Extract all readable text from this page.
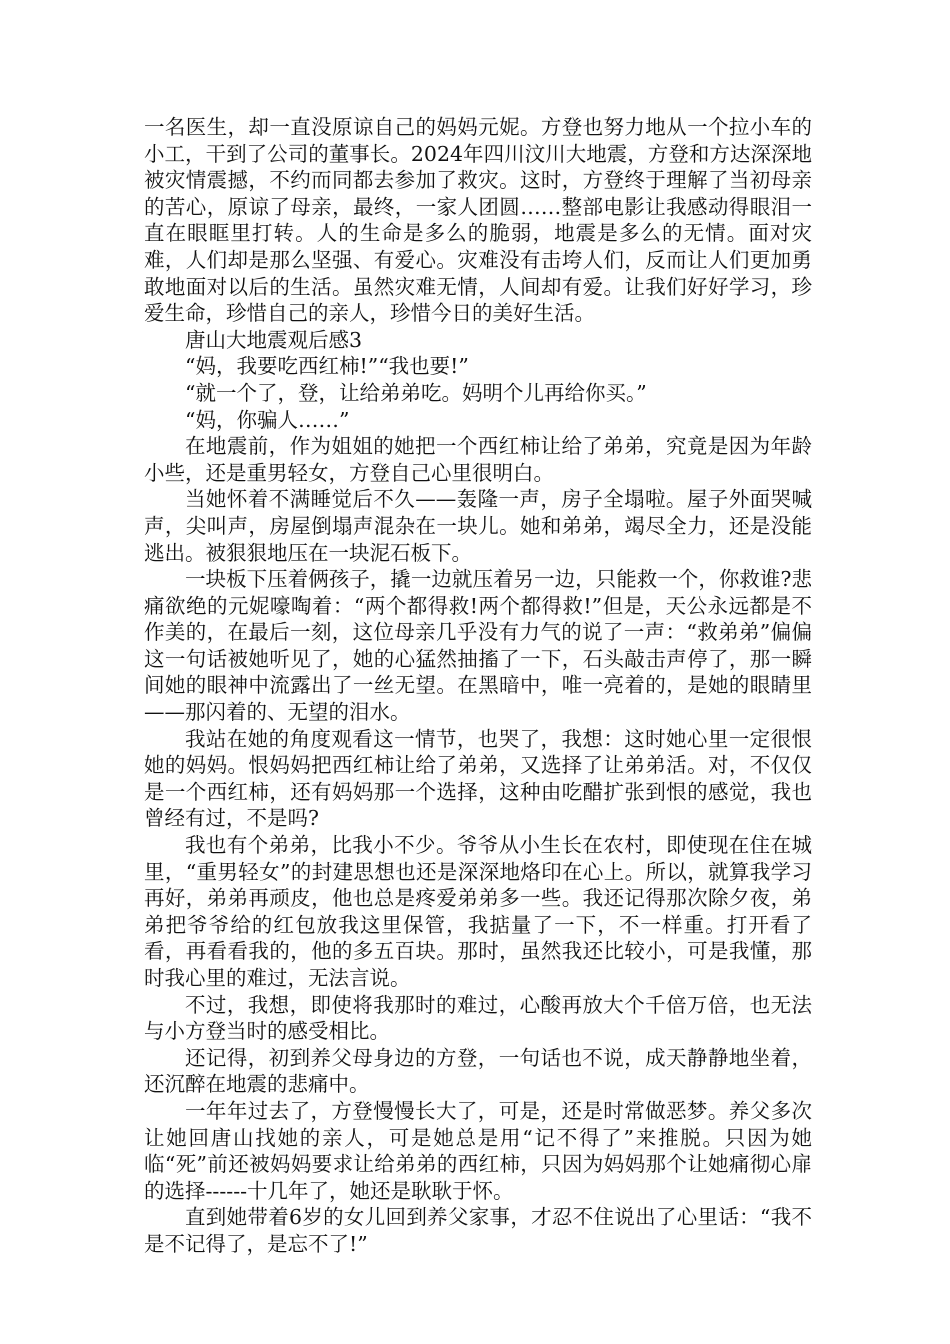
一名医生，却一直没原谅自己的妈妈元妮。方登也努力地从一个拉小车的小工，干到了公司的董事长。2024年四川汶川大地震，方登和方达深深地被灾情震撼，不约而同都去参加了救灾。这时，方登终于理解了当初母亲的苦心，原谅了母亲，最终，一家人团圆……整部电影让我感动得眼泪一直在眼眶里打转。人的生命是多么的脆弱，地震是多么的无情。面对灾难，人们却是那么坚强、有爱心。灾难没有击垮人们，反而让人们更加勇敢地面对以后的生活。虽然灾难无情，人间却有爱。让我们好好学习，珍爱生命，珍惜自己的亲人，珍惜今日的美好生活。

唐山大地震观后感3

“妈，我要吃西红柿!”“我也要!”

“就一个了，登，让给弟弟吃。妈明个儿再给你买。”

“妈，你骗人……”

在地震前，作为姐姐的她把一个西红柿让给了弟弟，究竟是因为年龄小些，还是重男轻女，方登自己心里很明白。

当她怀着不满睡觉后不久——轰隆一声，房子全塌啦。屋子外面哭喊声，尖叫声，房屋倒塌声混杂在一块儿。她和弟弟，竭尽全力，还是没能逃出。被狠狠地压在一块泥石板下。

一块板下压着俩孩子，撬一边就压着另一边，只能救一个，你救谁?悲痛欲绝的元妮嚎啕着：“两个都得救!两个都得救!”但是，天公永远都是不作美的，在最后一刻，这位母亲几乎没有力气的说了一声：“救弟弟”偏偏这一句话被她听见了，她的心猛然抽搐了一下，石头敲击声停了，那一瞬间她的眼神中流露出了一丝无望。在黑暗中，唯一亮着的，是她的眼睛里——那闪着的、无望的泪水。

我站在她的角度观看这一情节，也哭了，我想：这时她心里一定很恨她的妈妈。恨妈妈把西红柿让给了弟弟，又选择了让弟弟活。对，不仅仅是一个西红柿，还有妈妈那一个选择，这种由吃醋扩张到恨的感觉，我也曾经有过，不是吗?

我也有个弟弟，比我小不少。爷爷从小生长在农村，即使现在住在城里，“重男轻女”的封建思想也还是深深地烙印在心上。所以，就算我学习再好，弟弟再顽皮，他也总是疼爱弟弟多一些。我还记得那次除夕夜，弟弟把爷爷给的红包放我这里保管，我掂量了一下，不一样重。打开看了看，再看看我的，他的多五百块。那时，虽然我还比较小，可是我懂，那时我心里的难过，无法言说。

不过，我想，即使将我那时的难过，心酸再放大个千倍万倍，也无法与小方登当时的感受相比。

还记得，初到养父母身边的方登，一句话也不说，成天静静地坐着，还沉醉在地震的悲痛中。

一年年过去了，方登慢慢长大了，可是，还是时常做恶梦。养父多次让她回唐山找她的亲人，可是她总是用“记不得了”来推脱。只因为她临“死”前还被妈妈要求让给弟弟的西红柿，只因为妈妈那个让她痛彻心扉的选择------十几年了，她还是耿耿于怀。

直到她带着6岁的女儿回到养父家事，才忍不住说出了心里话：“我不是不记得了，是忘不了!”
